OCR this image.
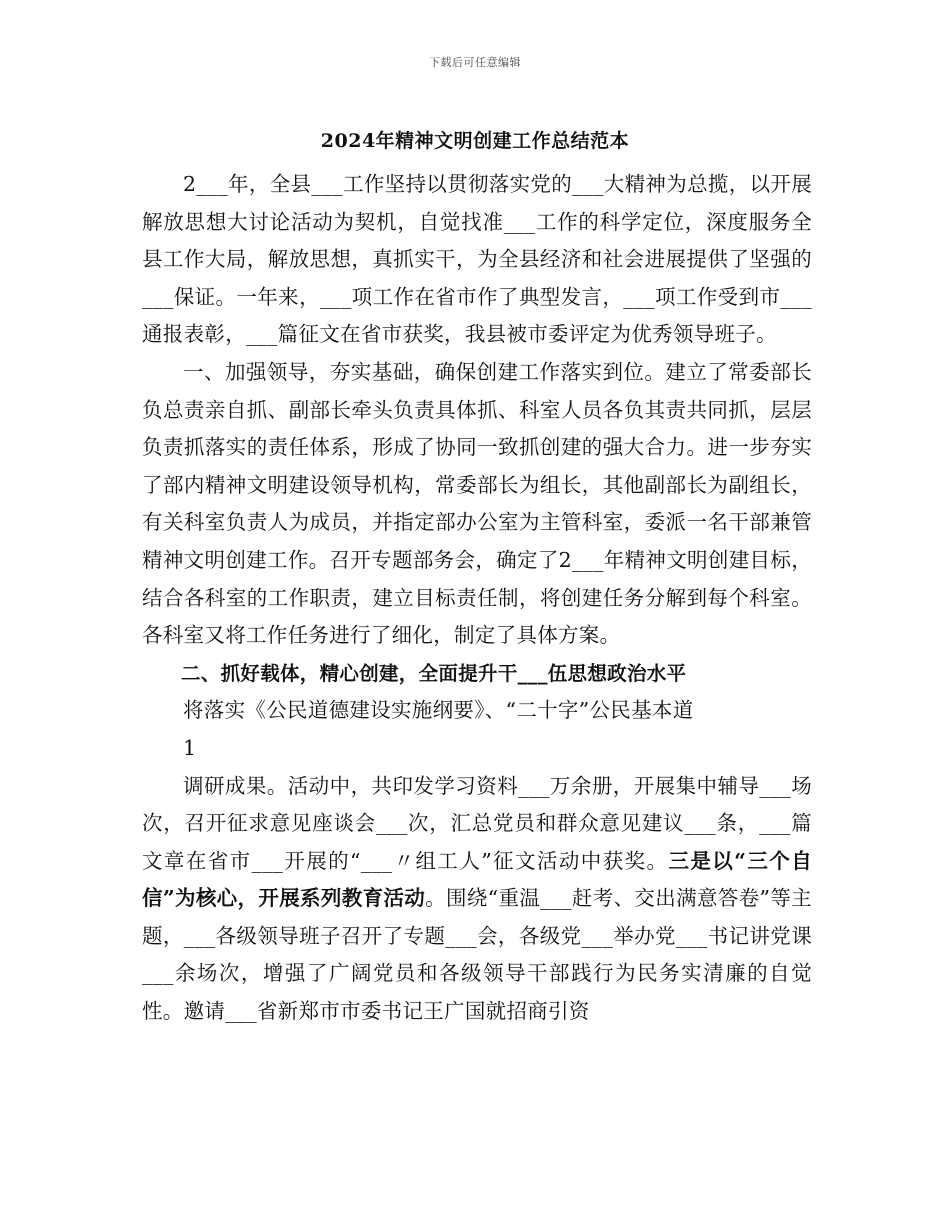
下载后可任意编辑
2024年精神文明创建工作总结范本

2___年，全县___工作坚持以贯彻落实党的___大精神为总揽，以开展解放思想大讨论活动为契机，自觉找准___工作的科学定位，深度服务全县工作大局，解放思想，真抓实干，为全县经济和社会进展提供了坚强的___保证。一年来，___项工作在省市作了典型发言，___项工作受到市___通报表彰，___篇征文在省市获奖，我县被市委评定为优秀领导班子。

一、加强领导，夯实基础，确保创建工作落实到位。建立了常委部长负总责亲自抓、副部长牵头负责具体抓、科室人员各负其责共同抓，层层负责抓落实的责任体系，形成了协同一致抓创建的强大合力。进一步夯实了部内精神文明建设领导机构，常委部长为组长，其他副部长为副组长，有关科室负责人为成员，并指定部办公室为主管科室，委派一名干部兼管精神文明创建工作。召开专题部务会，确定了2___年精神文明创建目标，结合各科室的工作职责，建立目标责任制，将创建任务分解到每个科室。各科室又将工作任务进行了细化，制定了具体方案。

二、抓好载体，精心创建，全面提升干___伍思想政治水平

将落实《公民道德建设实施纲要》、“二十字”公民基本道

1

调研成果。活动中，共印发学习资料___万余册，开展集中辅导___场次，召开征求意见座谈会___次，汇总党员和群众意见建议___条，___篇文章在省市___开展的“___〃组工人”征文活动中获奖。三是以“三个自信”为核心，开展系列教育活动。围绕“重温___赶考、交出满意答卷”等主题，___各级领导班子召开了专题___会，各级党___举办党___书记讲党课___余场次，增强了广阔党员和各级领导干部践行为民务实清廉的自觉性。邀请___省新郑市市委书记王广国就招商引资
